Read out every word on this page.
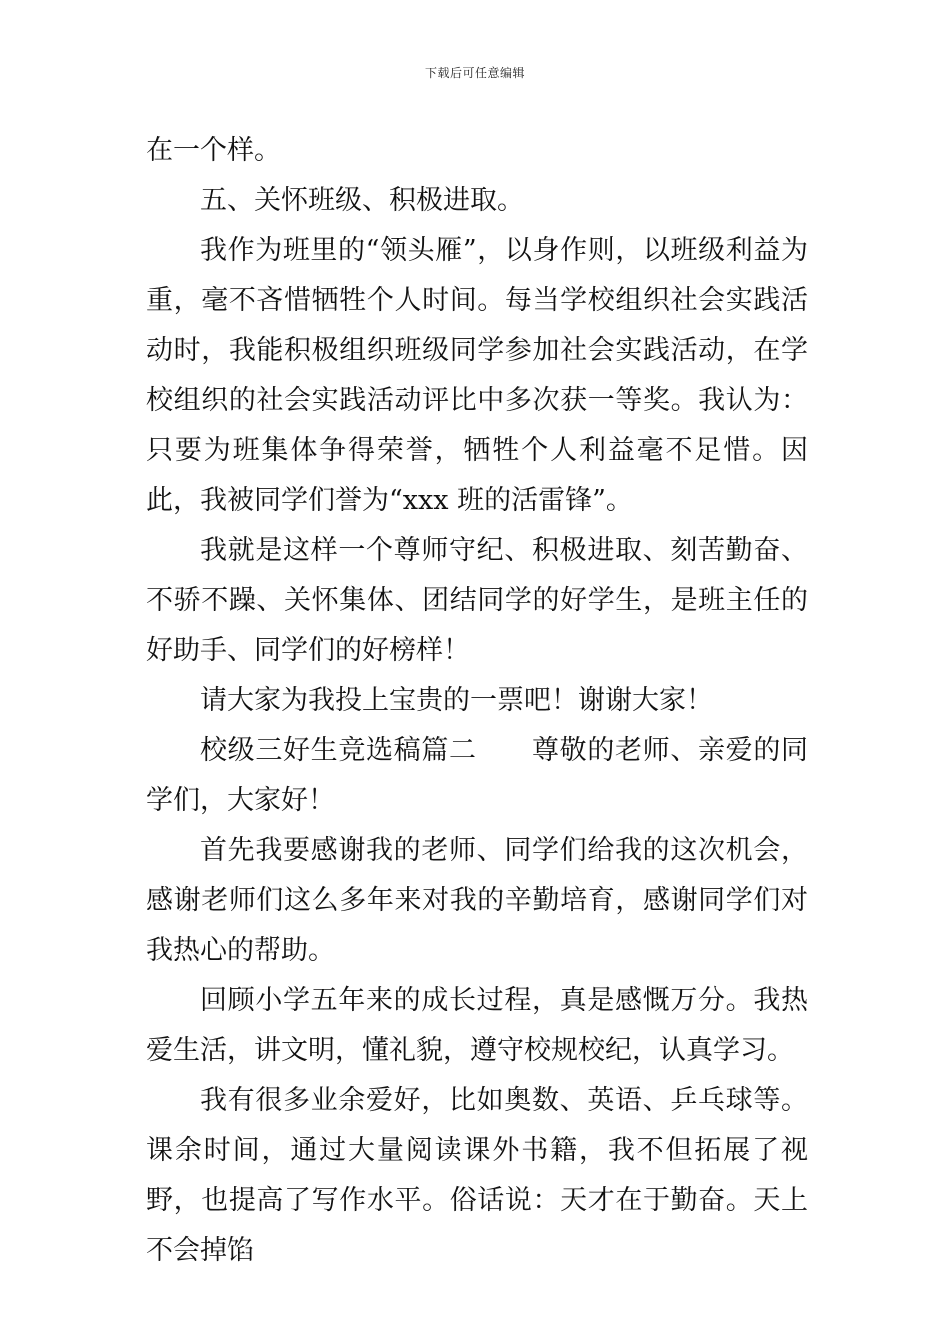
下载后可任意编辑

在一个样。

五、关怀班级、积极进取。

我作为班里的“领头雁”，以身作则，以班级利益为重，毫不吝惜牺牲个人时间。每当学校组织社会实践活动时，我能积极组织班级同学参加社会实践活动，在学校组织的社会实践活动评比中多次获一等奖。我认为：只要为班集体争得荣誉，牺牲个人利益毫不足惜。因此，我被同学们誉为“xxx 班的活雷锋”。

我就是这样一个尊师守纪、积极进取、刻苦勤奋、不骄不躁、关怀集体、团结同学的好学生，是班主任的好助手、同学们的好榜样！

请大家为我投上宝贵的一票吧！谢谢大家！

校级三好生竞选稿篇二　　尊敬的老师、亲爱的同学们，大家好！

首先我要感谢我的老师、同学们给我的这次机会，感谢老师们这么多年来对我的辛勤培育，感谢同学们对我热心的帮助。

回顾小学五年来的成长过程，真是感慨万分。我热爱生活，讲文明，懂礼貌，遵守校规校纪，认真学习。

我有很多业余爱好，比如奥数、英语、乒乓球等。课余时间，通过大量阅读课外书籍，我不但拓展了视野，也提高了写作水平。俗话说：天才在于勤奋。天上不会掉馅
